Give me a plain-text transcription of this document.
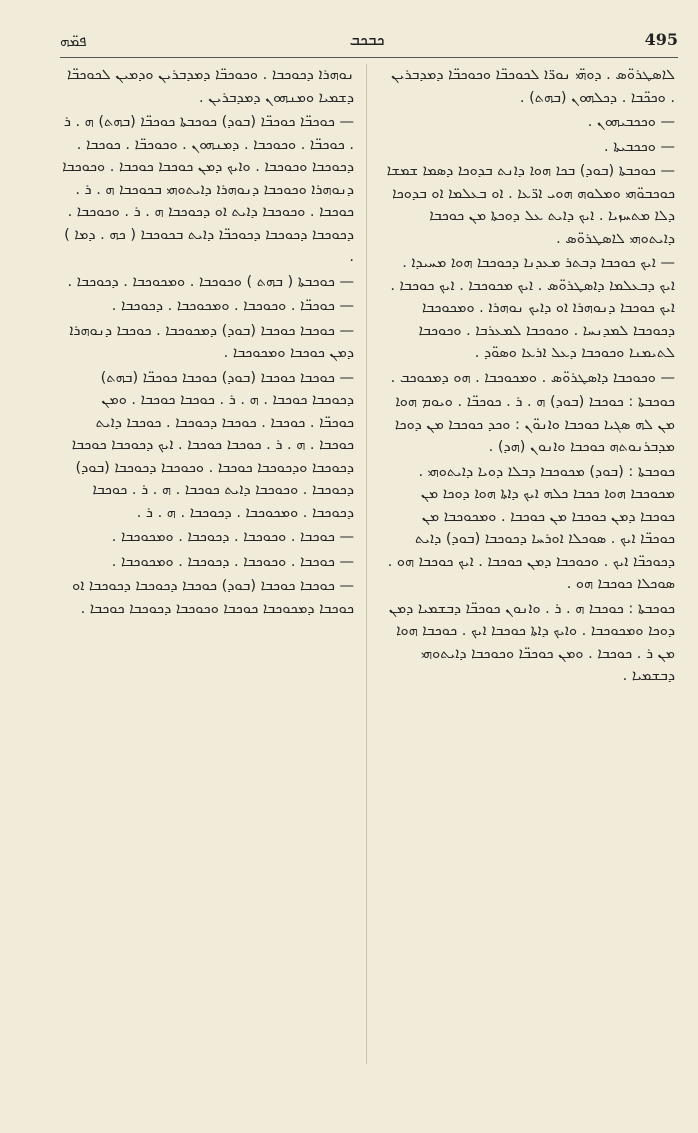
ܦܡ̈ܗ	ܟܒܟܒ	495

ܠܐܣܛܪܘ̈ܣ . ܕܘܗ̈ܝ ܢܘܪ̈ܐ ܠܟܘܟܒ̈ܐ ܘܟܘܟܒ̈ܐ ܕܡܕܒܪܝܢ . ܘܟܟ̈ܒܐ . ܕܟܠܗܘܢ (ܒܗܬ) .

— ܘܟܟܒܝܗܘܢ .

— ܘܟܟܒܝܬܐ .

— ܟܘܟܒܬܐ (ܒܘܕ) ܒܟܐ ܗܘܐ ܕܐܢܬ ܒܕܘܟܐ ܕܣܡܐ ܫܡܫܐ ܟܘܟܒܘ̈ܗܝ ܘܡܠܘܗ ܗܘܝ ܐܪ̈ܥܐ . ܐܘ ܒܥܠܡܐ ܐܘ ܒܕܘܟܐ ܕܠܐ ܡܬܚܙܝܐ . ܐܝܟ ܕܐܝܬ ܥܠ ܕܘܟܬܐ ܡܢ ܟܘܟܒܐ ܕܐܝܬܘܗܝ ܠܐܣܛܪܘ̈ܣ .

— ܐܝܟ ܟܘܟܒܐ ܕܒܬܪ ܡܥܕܢܐ ܕܟܘܟܒܐ ܗܘܐ ܡܚܝܕܐ . ܐܝܟ ܕܒܥܠܡܐ ܕܐܣܛܪܘ̈ܣ . ܐܝܟ ܡܟܘܟܒܐ . ܐܝܟ ܟܘܟܒܐ . ܐܝܟ ܟܘܟܒܐ ܕܢܘܗܪܐ ܐܘ ܕܐܝܟ ܢܘܗܪܐ . ܘܡܟܘܟܒܐ ܕܟܘܟܒܐ ܠܡܕܢܚܐ . ܘܟܘܟܒܐ ܠܡܥܪܒܐ . ܘܟܘܟܒܐ ܠܬܝܡܢܐ ܘܟܘܟܒܐ ܕܥܠ ܐܪܥܐ ܘܣܘ̈ܕ .

— ܘܟܘܟܒܐ ܕܐܣܛܪܘ̈ܣ . ܘܡܟܘܟܒܐ . ܗܘ ܕܡܟܘܟܒ .

ܟܘܟܒܬܐ : ܟܘܟܒܐ (ܒܘܕ) ܗ . ܪ . ܟܘܟܒ̈ܐ . ܘܝܘܡ ܗܘܐ ܡܢ ܠܗ ܣܓܝܐ ܟܘܟܒܐ ܘܐܢܘ̈ܢ : ܘܟܕ ܟܘܟܒܐ ܡܢ ܕܘܟܐ ܡܕܒܪܢܘܬܗ ܟܘܟܒܐ ܘܐܢܘܢ (ܗܕ) .

ܟܘܟܒܬܐ : (ܒܘܕ) ܡܟܘܟܒܐ ܕܒܠܐ ܕܘܝܐ ܕܐܝܬܘܗܝ . ܡܟܘܟܒܐ ܗܘܐ ܟܟܒܐ ܟܠܗ ܐܝܟ ܕܐܬܐ ܗܘܐ ܕܘܟܐ ܡܢ ܟܘܟܒܐ ܕܡܢ ܟܘܟܒܐ ܡܢ ܟܘܟܒܐ . ܘܡܟܘܟܒܐ ܡܢ ܟܘܟܒ̈ܐ ܐܝܟ . ܣܘܟܠܐ ܐܘܪܚܐ ܕܟܘܟܒܐ (ܒܘܕ) ܕܐܝܬ ܕܟܘܟܒ̈ܐ ܐܝܟ . ܘܟܘܟܒܐ ܕܡܢ ܟܘܟܒܐ . ܐܝܟ ܟܘܟܒܐ ܗܘ . ܣܘܟܠܐ ܟܘܟܒܐ ܗܘ .

ܟܘܟܒܬܐ : ܟܘܟܒܐ ܗ . ܪ . ܘܐܢܘܢ ܟܘܟܒ̈ܐ ܕܒܫܡܝܐ ܕܡܢ ܕܘܟܐ ܘܡܟܘܟܒܐ . ܘܐܝܟ ܕܐܬܐ ܟܘܟܒܐ ܐܝܟ . ܟܘܟܒܐ ܗܘܐ ܡܢ ܪ . ܟܘܟܒܐ . ܘܡܢ ܟܘܟܒ̈ܐ ܘܟܘܟܒܐ ܕܐܝܬܘܗܝ ܕܒܫܡܝܐ .

ܢܘܗܪܐ ܕܟܘܟܒܐ . ܘܟܘܟܒ̈ܐ ܕܡܕܒܪܝܢ ܘܕܡܝܢ ܠܟܘܟܒ̈ܐ ܕܫܡܝܐ ܘܡܢܗܘܢ ܕܡܕܒܪܝܢ .

— ܟܘܟܒ̈ܐ ܟܘܟܒ̈ܐ (ܒܘܕ) ܟܘܟܒܬܐ ܟܘܟܒ̈ܐ (ܒܗܬ) ܗ . ܪ . ܟܘܟܒ̈ܐ . ܘܟܘܟܒܐ . ܕܡܢܗܘܢ . ܘܟܘܟܒ̈ܐ . ܟܘܟܒܐ . ܕܟܘܟܒܐ ܘܟܘܟܒܐ . ܘܐܝܟ ܕܡܢ ܟܘܟܒܐ ܟܘܟܒܐ . ܘܟܘܟܒܐ ܕܢܘܗܪܐ ܘܟܘܟܒܐ ܕܢܘܗܪܐ ܕܐܝܬܘܗܝ ܒܟܘܟܒܐ ܗ . ܪ . ܟܘܟܒܐ . ܘܟܘܟܒܐ ܕܐܝܬ ܐܘ ܕܟܘܟܒܐ ܗ . ܪ . ܘܟܘܟܒܐ . ܕܟܘܟܒܐ ܕܟܘܟܒܐ ܕܟܘܟܒ̈ܐ ܕܐܝܬ ܒܟܘܟܒܐ ( ܟܗ . ܕܡܐ ) .

— ܟܘܟܒܬܐ ( ܒܗܬ ) ܘܟܘܟܒܐ . ܘܡܟܘܟܒܐ . ܕܟܘܟܒܐ .

— ܟܘܟܒ̈ܐ . ܘܟܘܟܒܐ . ܘܡܟܘܟܒܐ . ܕܟܘܟܒܐ .

— ܟܘܟܒܐ ܟܘܟܒܐ (ܒܘܕ) ܕܡܟܘܟܒܐ . ܟܘܟܒܐ ܕܢܘܗܪܐ ܕܡܢ ܟܘܟܒܐ ܘܡܟܘܟܒܐ .

— ܟܘܟܒܐ ܟܘܟܒܐ (ܒܘܕ) ܟܘܟܒܐ ܟܘܟܒ̈ܐ (ܒܗܬ) ܕܟܘܟܒܐ ܟܘܟܒܐ . ܗ . ܪ . ܟܘܟܒܐ ܟܘܟܒܐ . ܘܡܢ ܟܘܟܒ̈ܐ . ܟܘܟܒܐ . ܟܘܟܒܐ ܕܟܘܟܒܐ . ܟܘܟܒܐ ܕܐܝܬ ܟܘܟܒܐ . ܗ . ܪ . ܟܘܟܒܐ ܟܘܟܒܐ . ܐܝܟ ܕܟܘܟܒܐ ܟܘܟܒܐ ܕܟܘܟܒܐ ܘܕܟܘܟܒܐ ܟܘܟܒܐ . ܘܟܘܟܒܐ ܕܟܘܟܒܐ (ܒܘܕ) ܕܟܘܟܒܐ . ܘܟܘܟܒܐ ܕܐܝܬ ܟܘܟܒܐ . ܗ . ܪ . ܟܘܟܒܐ ܕܟܘܟܒܐ . ܘܡܟܘܟܒܐ . ܕܟܘܟܒܐ . ܗ . ܪ .

— ܟܘܟܒܐ . ܘܟܘܟܒܐ . ܕܟܘܟܒܐ . ܘܡܟܘܟܒܐ .

— ܟܘܟܒܐ . ܘܟܘܟܒܐ . ܕܟܘܟܒܐ . ܘܡܟܘܟܒܐ .

— ܟܘܟܒܐ ܟܘܟܒܐ (ܒܘܕ) ܟܘܟܒܐ ܕܟܘܟܒܐ ܕܟܘܟܒܐ ܐܘ ܟܘܟܒܐ ܕܡܟܘܟܒܐ ܟܘܟܒܐ ܘܟܘܟܒܐ ܕܟܘܟܒܐ ܟܘܟܒܐ .
